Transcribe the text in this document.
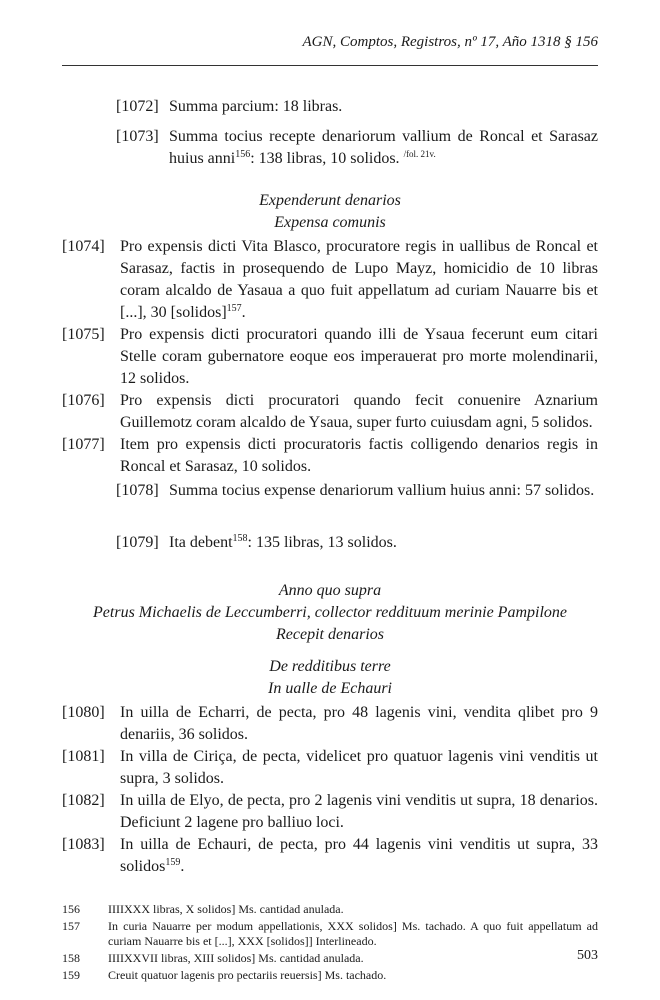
AGN, Comptos, Registros, nº 17, Año 1318 § 156
[1072] Summa parcium: 18 libras.
[1073] Summa tocius recepte denariorum vallium de Roncal et Sarasaz huius anni$^{156}$: 138 libras, 10 solidos. $^{/fol. 21v.}$
Expenderunt denarios
Expensa comunis
[1074] Pro expensis dicti Vita Blasco, procuratore regis in uallibus de Roncal et Sarasaz, factis in prosequendo de Lupo Mayz, homicidio de 10 libras coram alcaldo de Yasaua a quo fuit appellatum ad curiam Nauarre bis et [...], 30 [solidos]$^{157}$.
[1075] Pro expensis dicti procuratori quando illi de Ysaua fecerunt eum citari Stelle coram gubernatore eoque eos imperauerat pro morte molendinarii, 12 solidos.
[1076] Pro expensis dicti procuratori quando fecit conuenire Aznarium Guillemotz coram alcaldo de Ysaua, super furto cuiusdam agni, 5 solidos.
[1077] Item pro expensis dicti procuratoris factis colligendo denarios regis in Roncal et Sarasaz, 10 solidos.
[1078] Summa tocius expense denariorum vallium huius anni: 57 solidos.
[1079] Ita debent$^{158}$: 135 libras, 13 solidos.
Anno quo supra
Petrus Michaelis de Leccumberri, collector reddituum merinie Pampilone
Recepit denarios
De redditibus terre
In ualle de Echauri
[1080] In uilla de Echarri, de pecta, pro 48 lagenis vini, vendita qlibet pro 9 denariis, 36 solidos.
[1081] In villa de Ciriça, de pecta, videlicet pro quatuor lagenis vini venditis ut supra, 3 solidos.
[1082] In uilla de Elyo, de pecta, pro 2 lagenis vini venditis ut supra, 18 denarios. Deficiunt 2 lagene pro balliuo loci.
156 IIIIXXX libras, X solidos] Ms. cantidad anulada.
157 In curia Nauarre per modum appellationis, XXX solidos] Ms. tachado. A quo fuit appellatum ad curiam Nauarre bis et [...], XXX [solidos]] Interlineado.
158 IIIIXXVII libras, XIII solidos] Ms. cantidad anulada.
159 Creuit quatuor lagenis pro pectariis reuersis] Ms. tachado.
[1083] In uilla de Echauri, de pecta, pro 44 lagenis vini venditis ut supra, 33 solidos$^{159}$.
503
